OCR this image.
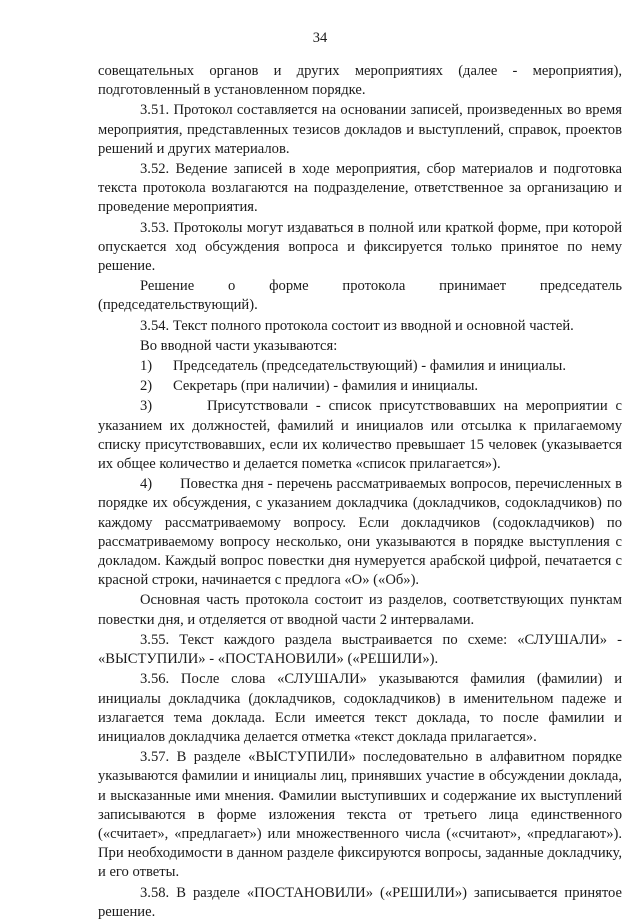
34

совещательных органов и других мероприятиях (далее - мероприятия), подготовленный в установленном порядке.

3.51. Протокол составляется на основании записей, произведенных во время мероприятия, представленных тезисов докладов и выступлений, справок, проектов решений и других материалов.

3.52. Ведение записей в ходе мероприятия, сбор материалов и подготовка текста протокола возлагаются на подразделение, ответственное за организацию и проведение мероприятия.

3.53. Протоколы могут издаваться в полной или краткой форме, при которой опускается ход обсуждения вопроса и фиксируется только принятое по нему решение.

Решение о форме протокола принимает председатель (председательствующий).

3.54. Текст полного протокола состоит из вводной и основной частей.

Во вводной части указываются:

1)	Председатель (председательствующий) - фамилия и инициалы.
2)	Секретарь (при наличии) - фамилия и инициалы.

3)	Присутствовали - список присутствовавших на мероприятии с указанием их должностей, фамилий и инициалов или отсылка к прилагаемому списку присутствовавших, если их количество превышает 15 человек (указывается их общее количество и делается пометка «список прилагается»).

4) Повестка дня - перечень рассматриваемых вопросов, перечисленных в порядке их обсуждения, с указанием докладчика (докладчиков, содокладчиков) по каждому рассматриваемому вопросу. Если докладчиков (содокладчиков) по рассматриваемому вопросу несколько, они указываются в порядке выступления с докладом. Каждый вопрос повестки дня нумеруется арабской цифрой, печатается с красной строки, начинается с предлога «О» («Об»).

Основная часть протокола состоит из разделов, соответствующих пунктам повестки дня, и отделяется от вводной части 2 интервалами.

3.55. Текст каждого раздела выстраивается по схеме: «СЛУШАЛИ» - «ВЫСТУПИЛИ» - «ПОСТАНОВИЛИ» («РЕШИЛИ»).

3.56. После слова «СЛУШАЛИ» указываются фамилия (фамилии) и инициалы докладчика (докладчиков, содокладчиков) в именительном падеже и излагается тема доклада. Если имеется текст доклада, то после фамилии и инициалов докладчика делается отметка «текст доклада прилагается».

3.57. В разделе «ВЫСТУПИЛИ» последовательно в алфавитном порядке указываются фамилии и инициалы лиц, принявших участие в обсуждении доклада, и высказанные ими мнения. Фамилии выступивших и содержание их выступлений записываются в форме изложения текста от третьего лица единственного («считает», «предлагает») или множественного числа («считают», «предлагают»). При необходимости в данном разделе фиксируются вопросы, заданные докладчику, и его ответы.

3.58. В разделе «ПОСТАНОВИЛИ» («РЕШИЛИ») записывается принятое решение.
